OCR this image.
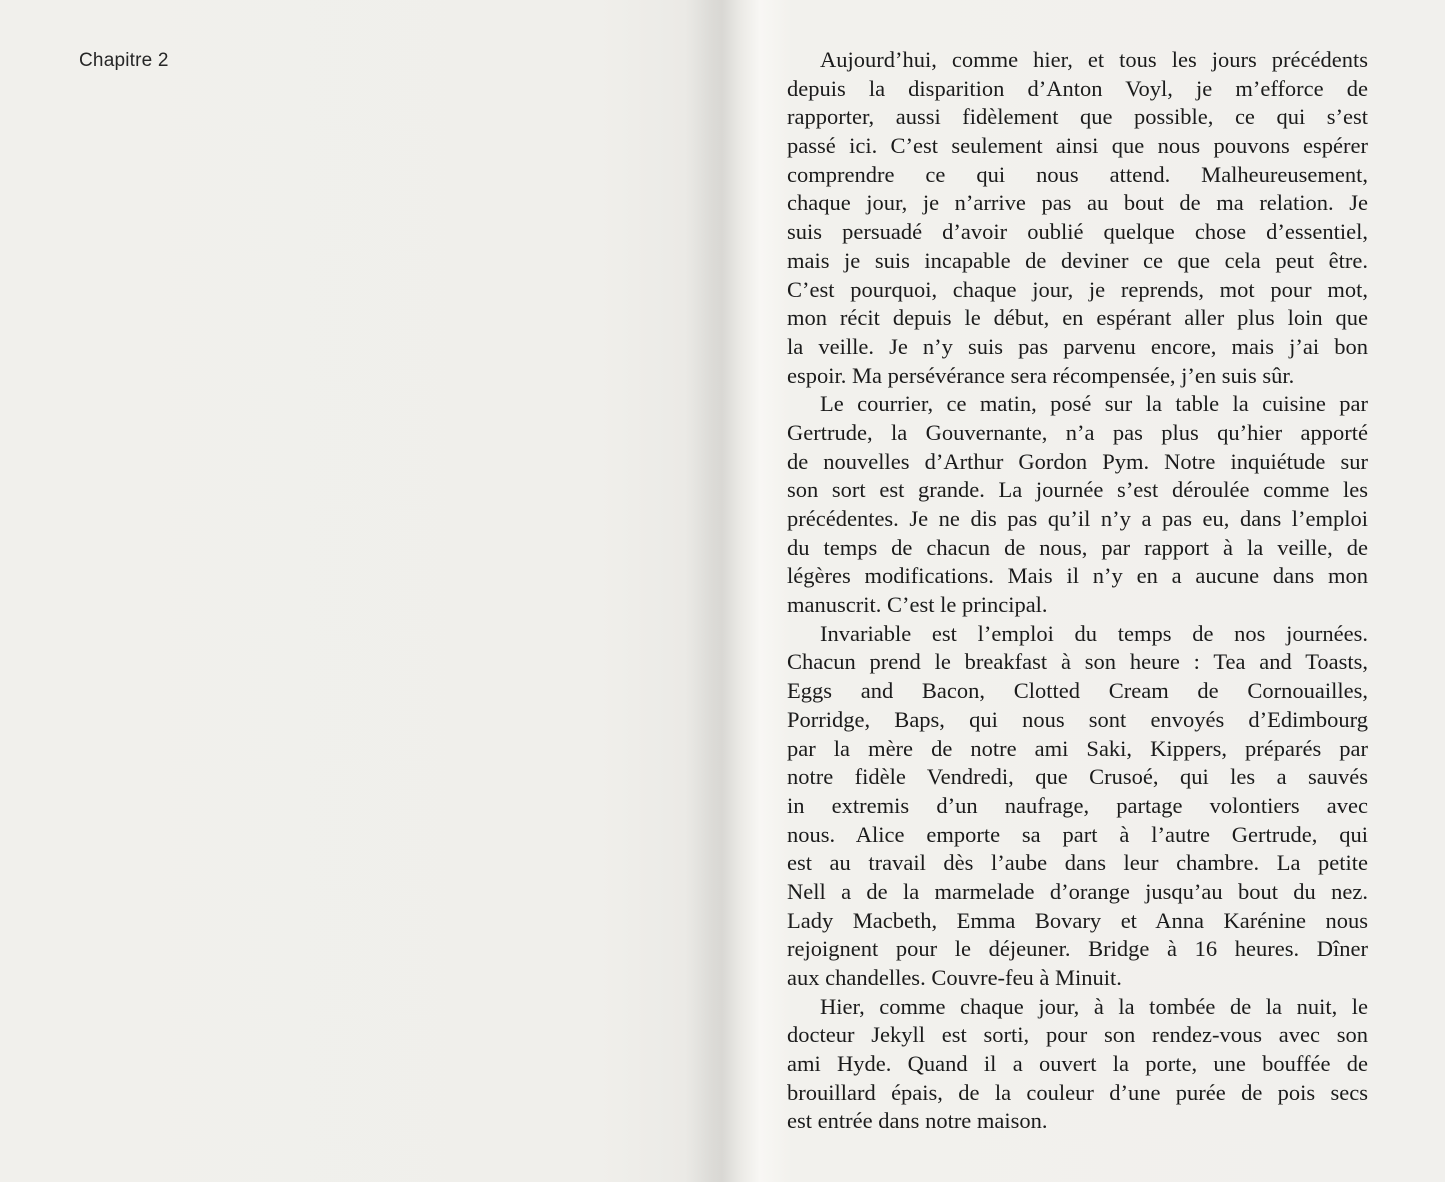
Chapitre 2	Aujourd’hui, comme hier, et tous les jours précédents
depuis la disparition d’Anton Voyl, je m’efforce de
rapporter, aussi fidèlement que possible, ce qui s’est
passé ici. C’est seulement ainsi que nous pouvons espérer
comprendre ce qui nous attend. Malheureusement,
chaque jour, je n’arrive pas au bout de ma relation. Je
suis persuadé d’avoir oublié quelque chose d’essentiel,
mais je suis incapable de deviner ce que cela peut être.
C’est pourquoi, chaque jour, je reprends, mot pour mot,
mon récit depuis le début, en espérant aller plus loin que
la veille. Je n’y suis pas parvenu encore, mais j’ai bon
espoir. Ma persévérance sera récompensée, j’en suis sûr.
Le courrier, ce matin, posé sur la table la cuisine par
Gertrude, la Gouvernante, n’a pas plus qu’hier apporté
de nouvelles d’Arthur Gordon Pym. Notre inquiétude sur
son sort est grande. La journée s’est déroulée comme les
précédentes. Je ne dis pas qu’il n’y a pas eu, dans l’emploi
du temps de chacun de nous, par rapport à la veille, de
légères modifications. Mais il n’y en a aucune dans mon
manuscrit. C’est le principal.
Invariable est l’emploi du temps de nos journées.
Chacun prend le breakfast à son heure : Tea and Toasts,
Eggs and Bacon, Clotted Cream de Cornouailles,
Porridge, Baps, qui nous sont envoyés d’Edimbourg
par la mère de notre ami Saki, Kippers, préparés par
notre fidèle Vendredi, que Crusoé, qui les a sauvés
in extremis d’un naufrage, partage volontiers avec
nous. Alice emporte sa part à l’autre Gertrude, qui
est au travail dès l’aube dans leur chambre. La petite
Nell a de la marmelade d’orange jusqu’au bout du nez.
Lady Macbeth, Emma Bovary et Anna Karénine nous
rejoignent pour le déjeuner. Bridge à 16 heures. Dîner
aux chandelles. Couvre-feu à Minuit.
Hier, comme chaque jour, à la tombée de la nuit, le
docteur Jekyll est sorti, pour son rendez-vous avec son
ami Hyde. Quand il a ouvert la porte, une bouffée de
brouillard épais, de la couleur d’une purée de pois secs
est entrée dans notre maison.
